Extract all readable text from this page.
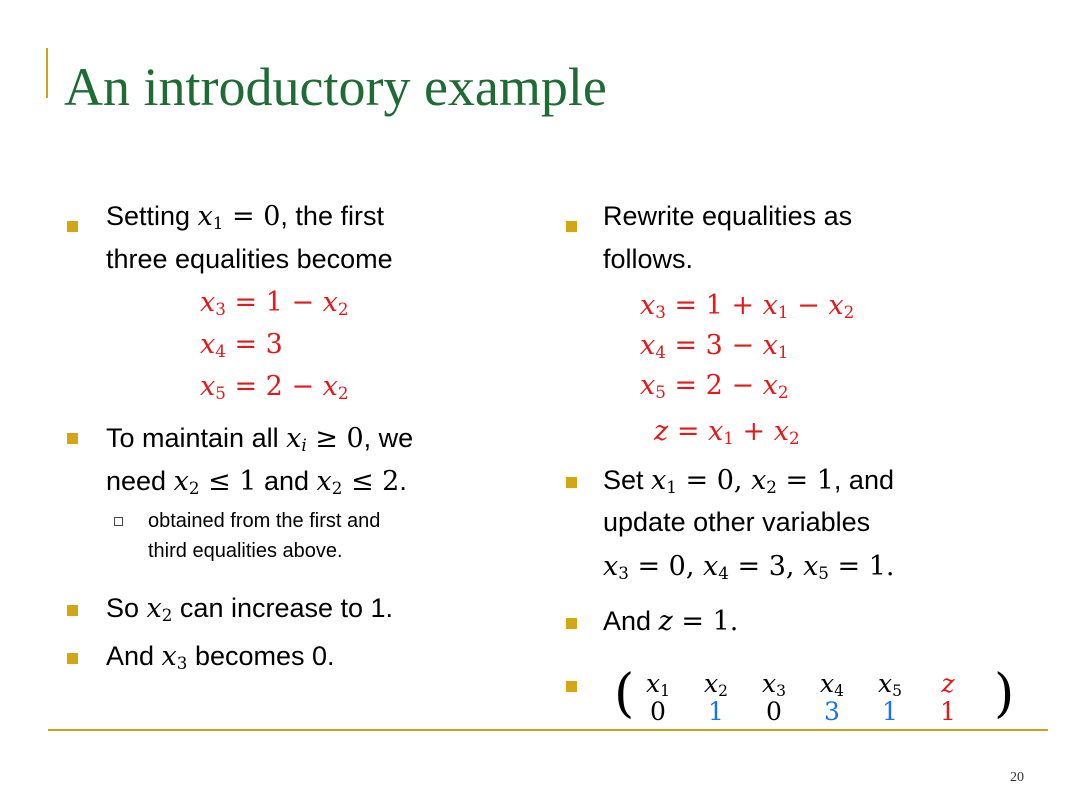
An introductory example
Setting $x_1 = 0$, the first
three equalities become
$x_3 = 1 - x_2$
$x_4 = 3$
$x_5 = 2 - x_2$
To maintain all $x_i \ge 0$, we
need $x_2 \le 1$ and $x_2 \le 2$.
obtained from the first and
third equalities above.
So $x_2$ can increase to 1.
And $x_3$ becomes 0.
Rewrite equalities as
follows.
$x_3 = 1 + x_1 - x_2$
$x_4 = 3 - x_1$
$x_5 = 2 - x_2$
$z = x_1 + x_2$
Set $x_1 = 0$, $x_2 = 1$, and
update other variables
$x_3 = 0$, $x_4 = 3$, $x_5 = 1$.
And z = 1.
( $x_1$
0
$x_2$
1
$x_3$
0
$x_4$
3
$x_5$
1
z
1 )
20
